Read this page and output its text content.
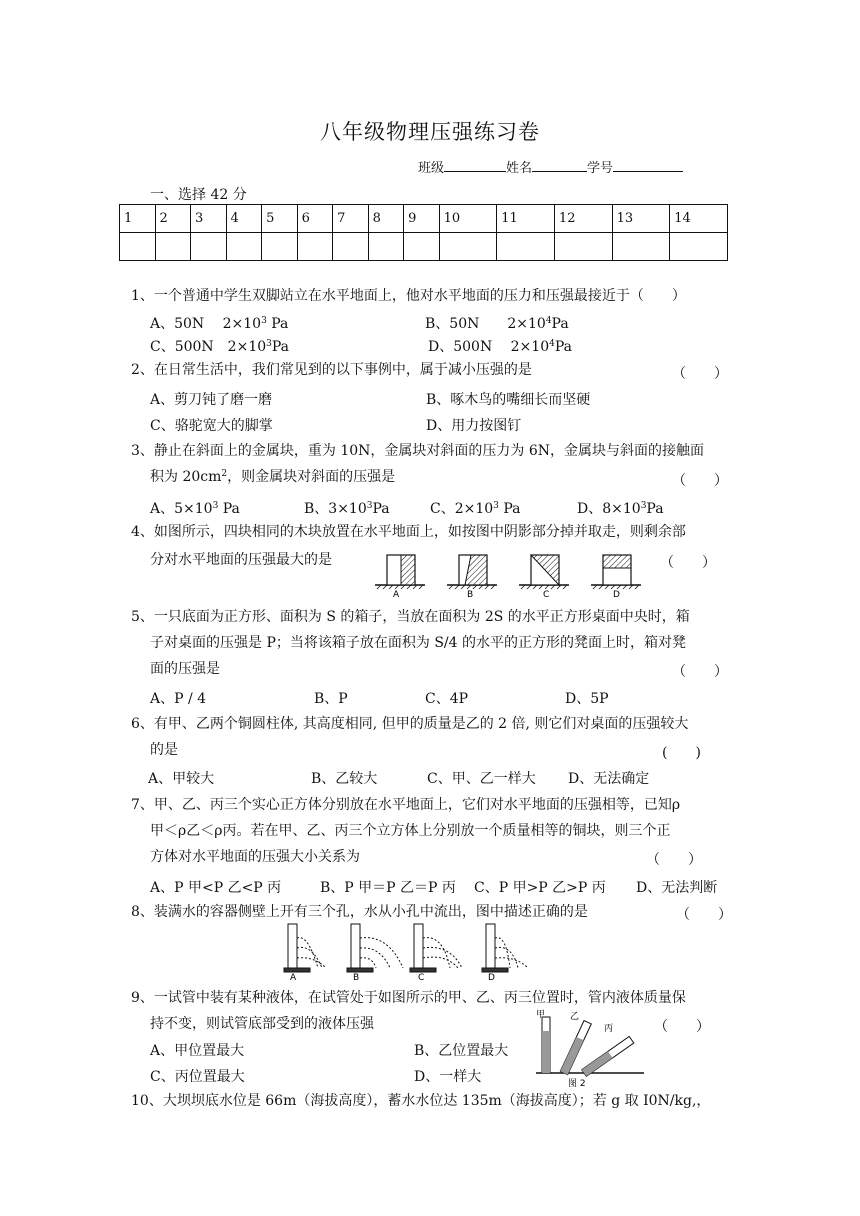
八年级物理压强练习卷
班级	姓名	学号
一、选择 42 分
1	2	3	4	5	6	7	8	9	10	11	12	13	14

1、一个普通中学生双脚站立在水平地面上，他对水平地面的压力和压强最接近于（　　）
A、50N　 $2\times 10^3$ Pa	B、50N　　$2\times 10^4Pa$
C、500N　$2\times 10^3Pa$	D、500N　 $2\times 10^4Pa$
2、在日常生活中，我们常见到的以下事例中，属于减小压强的是	（　　）
A、剪刀钝了磨一磨	B、啄木鸟的嘴细长而坚硬
C、骆驼宽大的脚掌	D、用力按图钉
3、静止在斜面上的金属块，重为 10N，金属块对斜面的压力为 6N，金属块与斜面的接触面
积为 $20cm^2$，则金属块对斜面的压强是	（　　）
A、$5\times 10^3$ Pa	B、$3\times 10^3Pa$	C、$2\times 10^3$ Pa	D、$8\times 10^3Pa$
4、如图所示，四块相同的木块放置在水平地面上，如按图中阴影部分掉并取走，则剩余部
分对水平地面的压强最大的是	（　　）
A	B	C	D
5、一只底面为正方形、面积为 S 的箱子，当放在面积为 2S 的水平正方形桌面中央时，箱
子对桌面的压强是 P；当将该箱子放在面积为 S/4 的水平的正方形的凳面上时，箱对凳
面的压强是	（　　）
A、P / 4	B、P	C、4P	D、5P
6、有甲、乙两个铜圆柱体, 其高度相同, 但甲的质量是乙的 2 倍, 则它们对桌面的压强较大
的是	(　　)
A、甲较大	B、乙较大	C、甲、乙一样大 D、无法确定
7、甲、乙、丙三个实心正方体分别放在水平地面上，它们对水平地面的压强相等，已知ρ
甲＜ρ乙＜ρ丙。若在甲、乙、丙三个立方体上分别放一个质量相等的铜块，则三个正
方体对水平地面的压强大小关系为	（　　）
A、P 甲<P 乙<P 丙	B、P 甲＝P 乙＝P 丙 C、P 甲>P 乙>P 丙 D、无法判断
8、装满水的容器侧壁上开有三个孔，水从小孔中流出，图中描述正确的是	（　　）
A	B	C	D
9、一试管中装有某种液体，在试管处于如图所示的甲、乙、丙三位置时，管内液体质量保
持不变，则试管底部受到的液体压强	（　　）
A、甲位置最大	B、乙位置最大
C、丙位置最大	D、一样大
甲	乙
丙
图 2
10、大坝坝底水位是 66m（海拔高度），蓄水水位达 135m（海拔高度）；若 g 取 I0N/kg,，
